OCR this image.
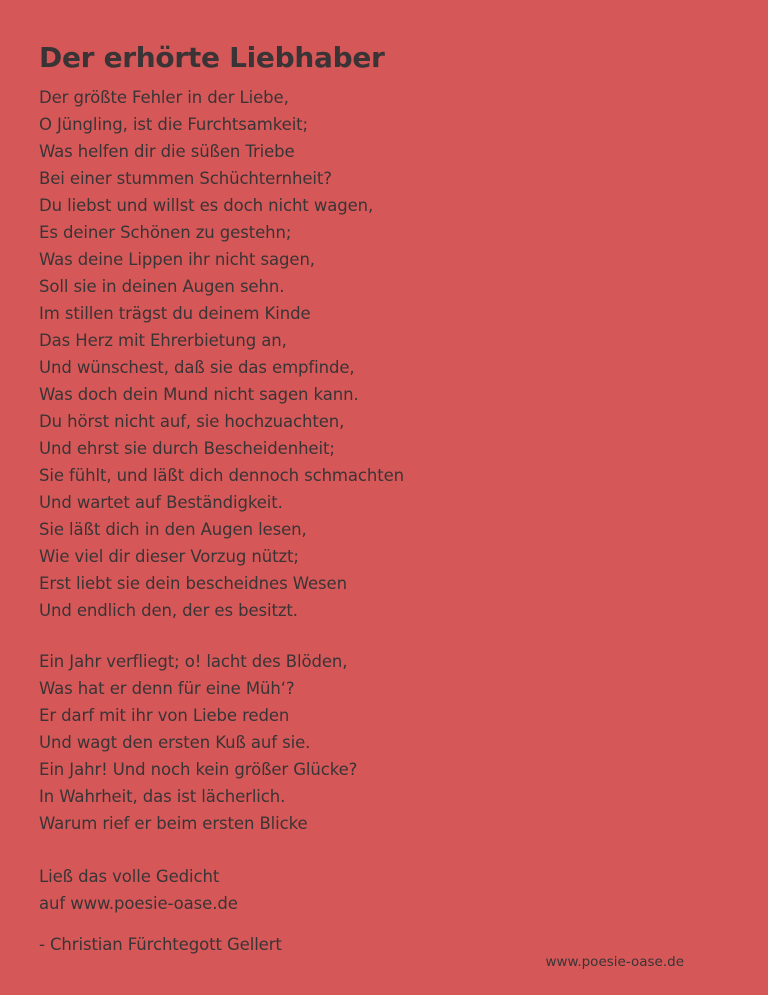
Der erhörte Liebhaber
Der größte Fehler in der Liebe,
O Jüngling, ist die Furchtsamkeit;
Was helfen dir die süßen Triebe
Bei einer stummen Schüchternheit?
Du liebst und willst es doch nicht wagen,
Es deiner Schönen zu gestehn;
Was deine Lippen ihr nicht sagen,
Soll sie in deinen Augen sehn.
Im stillen trägst du deinem Kinde
Das Herz mit Ehrerbietung an,
Und wünschest, daß sie das empfinde,
Was doch dein Mund nicht sagen kann.
Du hörst nicht auf, sie hochzuachten,
Und ehrst sie durch Bescheidenheit;
Sie fühlt, und läßt dich dennoch schmachten
Und wartet auf Beständigkeit.
Sie läßt dich in den Augen lesen,
Wie viel dir dieser Vorzug nützt;
Erst liebt sie dein bescheidnes Wesen
Und endlich den, der es besitzt.
Ein Jahr verfliegt; o! lacht des Blöden,
Was hat er denn für eine Müh‘?
Er darf mit ihr von Liebe reden
Und wagt den ersten Kuß auf sie.
Ein Jahr! Und noch kein größer Glücke?
In Wahrheit, das ist lächerlich.
Warum rief er beim ersten Blicke

Ließ das volle Gedicht
auf www.poesie-oase.de

- Christian Fürchtegott Gellert

www.poesie-oase.de
